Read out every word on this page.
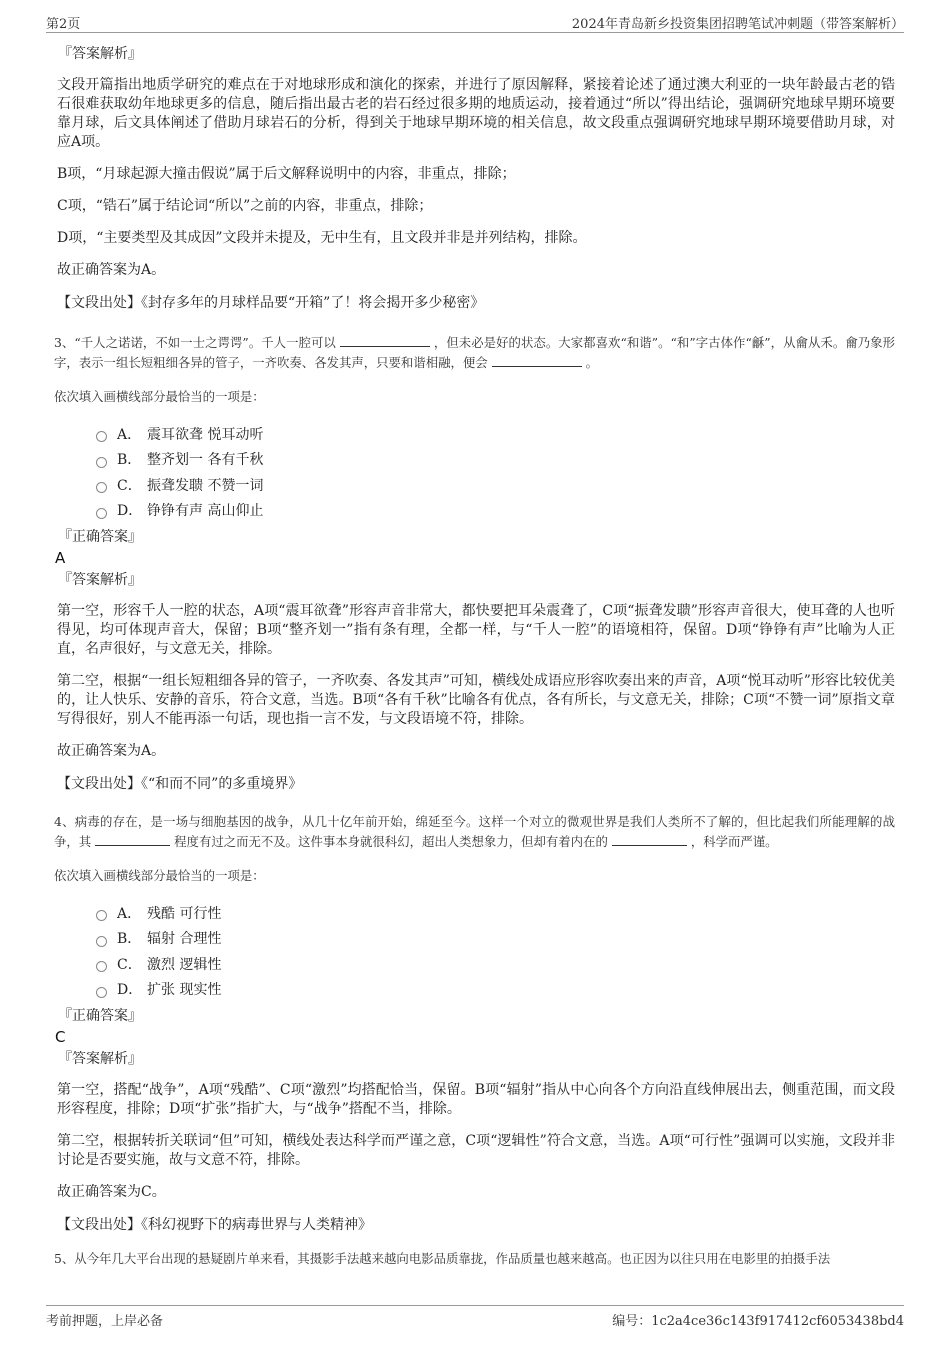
第2页	2024年青岛新乡投资集团招聘笔试冲刺题（带答案解析）
『答案解析』

文段开篇指出地质学研究的难点在于对地球形成和演化的探索，并进行了原因解释，紧接着论述了通过澳大利亚的一块年龄最古老的锆石很难获取幼年地球更多的信息，随后指出最古老的岩石经过很多期的地质运动，接着通过“所以”得出结论，强调研究地球早期环境要靠月球，后文具体阐述了借助月球岩石的分析，得到关于地球早期环境的相关信息，故文段重点强调研究地球早期环境要借助月球，对应A项。

B项，“月球起源大撞击假说”属于后文解释说明中的内容，非重点，排除；

C项，“锆石”属于结论词“所以”之前的内容，非重点，排除；

D项，“主要类型及其成因”文段并未提及，无中生有，且文段并非是并列结构，排除。

故正确答案为A。

【文段出处】《封存多年的月球样品要“开箱”了！将会揭开多少秘密》
3、“千人之诺诺，不如一士之谔谔”。千人一腔可以	，但未必是好的状态。大家都喜欢“和谐”。“和”字古体作“龢”，从龠从禾。龠乃象形字，表示一组长短粗细各异的管子，一齐吹奏、各发其声，只要和谐相融，便会	。
依次填入画横线部分最恰当的一项是：
A． 震耳欲聋 悦耳动听
B． 整齐划一 各有千秋
C． 振聋发聩 不赞一词
D． 铮铮有声 高山仰止
『正确答案』
A
『答案解析』

第一空，形容千人一腔的状态，A项“震耳欲聋”形容声音非常大，都快要把耳朵震聋了，C项“振聋发聩”形容声音很大，使耳聋的人也听得见，均可体现声音大，保留；B项“整齐划一”指有条有理，全都一样，与“千人一腔”的语境相符，保留。D项“铮铮有声”比喻为人正直，名声很好，与文意无关，排除。

第二空，根据“一组长短粗细各异的管子，一齐吹奏、各发其声”可知，横线处成语应形容吹奏出来的声音，A项“悦耳动听”形容比较优美的，让人快乐、安静的音乐，符合文意，当选。B项“各有千秋”比喻各有优点，各有所长，与文意无关，排除；C项“不赞一词”原指文章写得很好，别人不能再添一句话，现也指一言不发，与文段语境不符，排除。

故正确答案为A。

【文段出处】《“和而不同”的多重境界》
4、病毒的存在，是一场与细胞基因的战争，从几十亿年前开始，绵延至今。这样一个对立的微观世界是我们人类所不了解的，但比起我们所能理解的战争，其	程度有过之而无不及。这件事本身就很科幻，超出人类想象力，但却有着内在的	，科学而严谨。
依次填入画横线部分最恰当的一项是：
A． 残酷 可行性
B． 辐射 合理性
C． 激烈 逻辑性
D． 扩张 现实性
『正确答案』
C
『答案解析』

第一空，搭配“战争”，A项“残酷”、C项“激烈”均搭配恰当，保留。B项“辐射”指从中心向各个方向沿直线伸展出去，侧重范围，而文段形容程度，排除；D项“扩张”指扩大，与“战争”搭配不当，排除。

第二空，根据转折关联词“但”可知，横线处表达科学而严谨之意，C项“逻辑性”符合文意，当选。A项“可行性”强调可以实施，文段并非讨论是否要实施，故与文意不符，排除。

故正确答案为C。

【文段出处】《科幻视野下的病毒世界与人类精神》
5、从今年几大平台出现的悬疑剧片单来看，其摄影手法越来越向电影品质靠拢，作品质量也越来越高。也正因为以往只用在电影里的拍摄手法
考前押题，上岸必备	编号：1c2a4ce36c143f917412cf6053438bd4
